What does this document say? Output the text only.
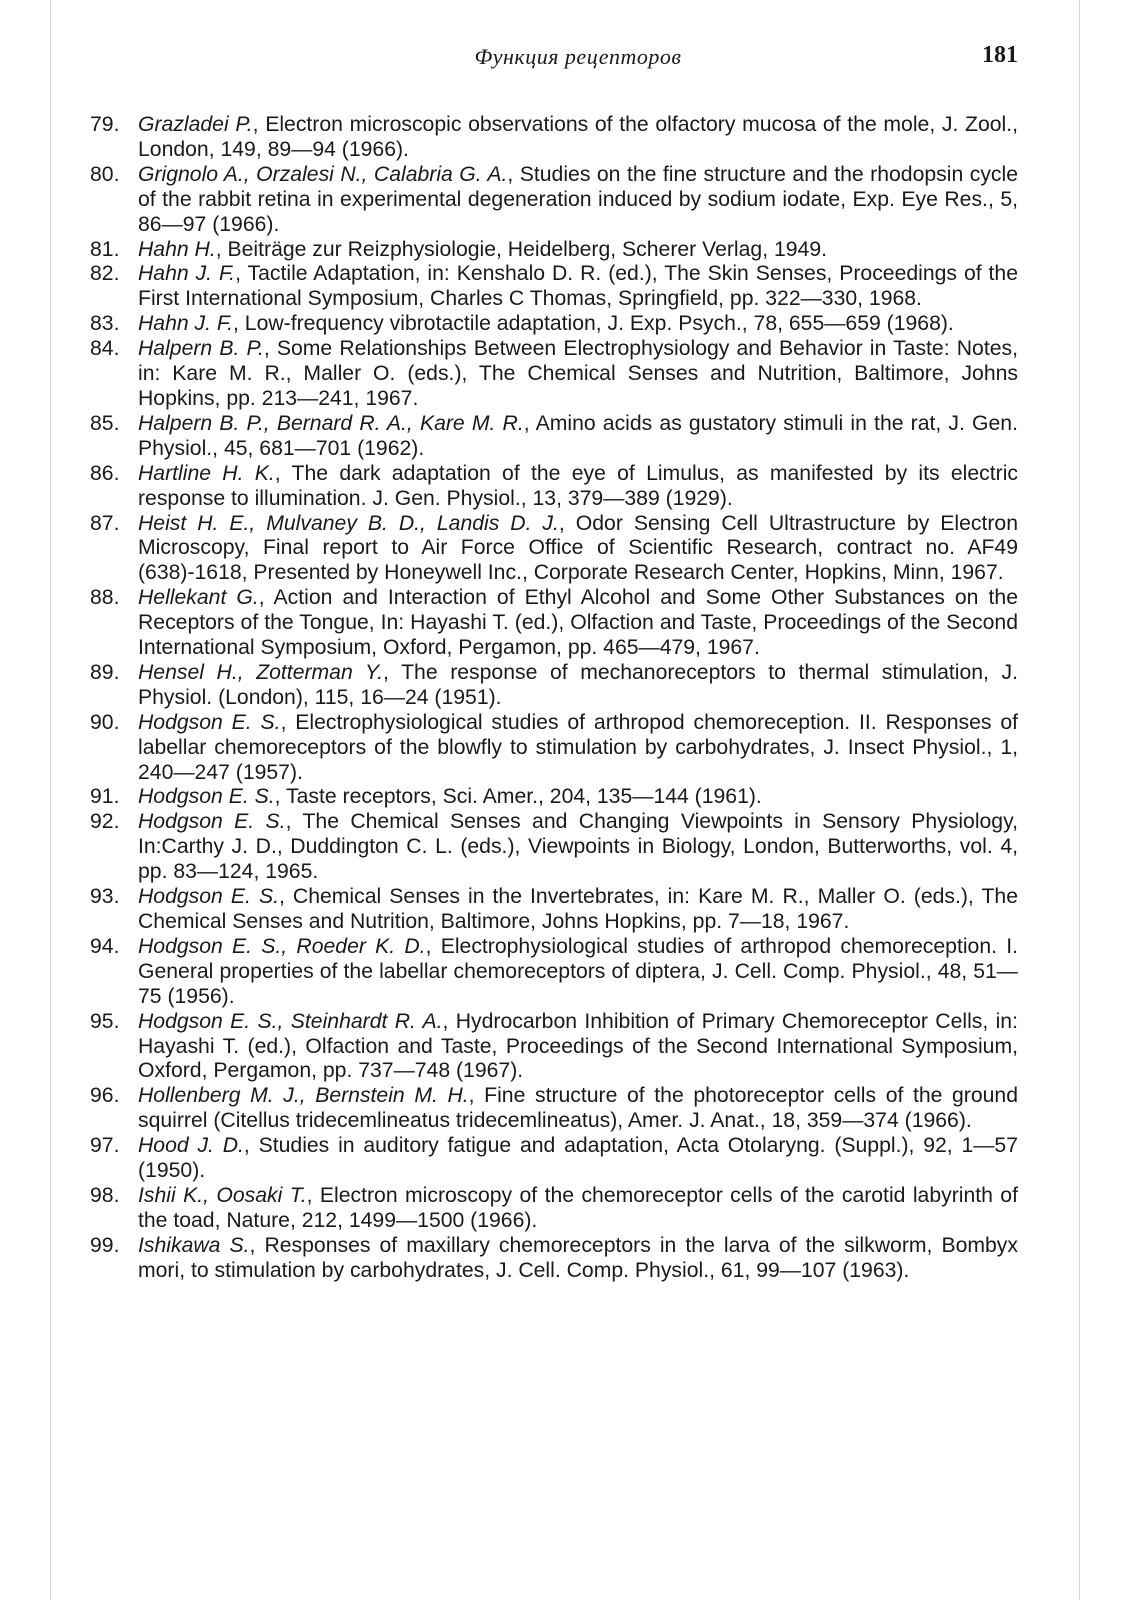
Функция рецепторов	181
79. Grazladei P., Electron microscopic observations of the olfactory mucosa of the mole, J. Zool., London, 149, 89—94 (1966).
80. Grignolo A., Orzalesi N., Calabria G. A., Studies on the fine structure and the rhodopsin cycle of the rabbit retina in experimental degeneration induced by sodium iodate, Exp. Eye Res., 5, 86—97 (1966).
81. Hahn H., Beiträge zur Reizphysiologie, Heidelberg, Scherer Verlag, 1949.
82. Hahn J. F., Tactile Adaptation, in: Kenshalo D. R. (ed.), The Skin Senses, Proceedings of the First International Symposium, Charles C Thomas, Springfield, pp. 322—330, 1968.
83. Hahn J. F., Low-frequency vibrotactile adaptation, J. Exp. Psych., 78, 655—659 (1968).
84. Halpern B. P., Some Relationships Between Electrophysiology and Behavior in Taste: Notes, in: Kare M. R., Maller O. (eds.), The Chemical Senses and Nutrition, Baltimore, Johns Hopkins, pp. 213—241, 1967.
85. Halpern B. P., Bernard R. A., Kare M. R., Amino acids as gustatory stimuli in the rat, J. Gen. Physiol., 45, 681—701 (1962).
86. Hartline H. K., The dark adaptation of the eye of Limulus, as manifested by its electric response to illumination. J. Gen. Physiol., 13, 379—389 (1929).
87. Heist H. E., Mulvaney B. D., Landis D. J., Odor Sensing Cell Ultrastructure by Electron Microscopy, Final report to Air Force Office of Scientific Research, contract no. AF49 (638)-1618, Presented by Honeywell Inc., Corporate Research Center, Hopkins, Minn, 1967.
88. Hellekant G., Action and Interaction of Ethyl Alcohol and Some Other Substances on the Receptors of the Tongue, In: Hayashi T. (ed.), Olfaction and Taste, Proceedings of the Second International Symposium, Oxford, Pergamon, pp. 465—479, 1967.
89. Hensel H., Zotterman Y., The response of mechanoreceptors to thermal stimulation, J. Physiol. (London), 115, 16—24 (1951).
90. Hodgson E. S., Electrophysiological studies of arthropod chemoreception. II. Responses of labellar chemoreceptors of the blowfly to stimulation by carbohydrates, J. Insect Physiol., 1, 240—247 (1957).
91. Hodgson E. S., Taste receptors, Sci. Amer., 204, 135—144 (1961).
92. Hodgson E. S., The Chemical Senses and Changing Viewpoints in Sensory Physiology, In:Carthy J. D., Duddington C. L. (eds.), Viewpoints in Biology, London, Butterworths, vol. 4, pp. 83—124, 1965.
93. Hodgson E. S., Chemical Senses in the Invertebrates, in: Kare M. R., Maller O. (eds.), The Chemical Senses and Nutrition, Baltimore, Johns Hopkins, pp. 7—18, 1967.
94. Hodgson E. S., Roeder K. D., Electrophysiological studies of arthropod chemoreception. I. General properties of the labellar chemoreceptors of diptera, J. Cell. Comp. Physiol., 48, 51—75 (1956).
95. Hodgson E. S., Steinhardt R. A., Hydrocarbon Inhibition of Primary Chemoreceptor Cells, in: Hayashi T. (ed.), Olfaction and Taste, Proceedings of the Second International Symposium, Oxford, Pergamon, pp. 737—748 (1967).
96. Hollenberg M. J., Bernstein M. H., Fine structure of the photoreceptor cells of the ground squirrel (Citellus tridecemlineatus tridecemlineatus), Amer. J. Anat., 18, 359—374 (1966).
97. Hood J. D., Studies in auditory fatigue and adaptation, Acta Otolaryng. (Suppl.), 92, 1—57 (1950).
98. Ishii K., Oosaki T., Electron microscopy of the chemoreceptor cells of the carotid labyrinth of the toad, Nature, 212, 1499—1500 (1966).
99. Ishikawa S., Responses of maxillary chemoreceptors in the larva of the silkworm, Bombyx mori, to stimulation by carbohydrates, J. Cell. Comp. Physiol., 61, 99—107 (1963).
